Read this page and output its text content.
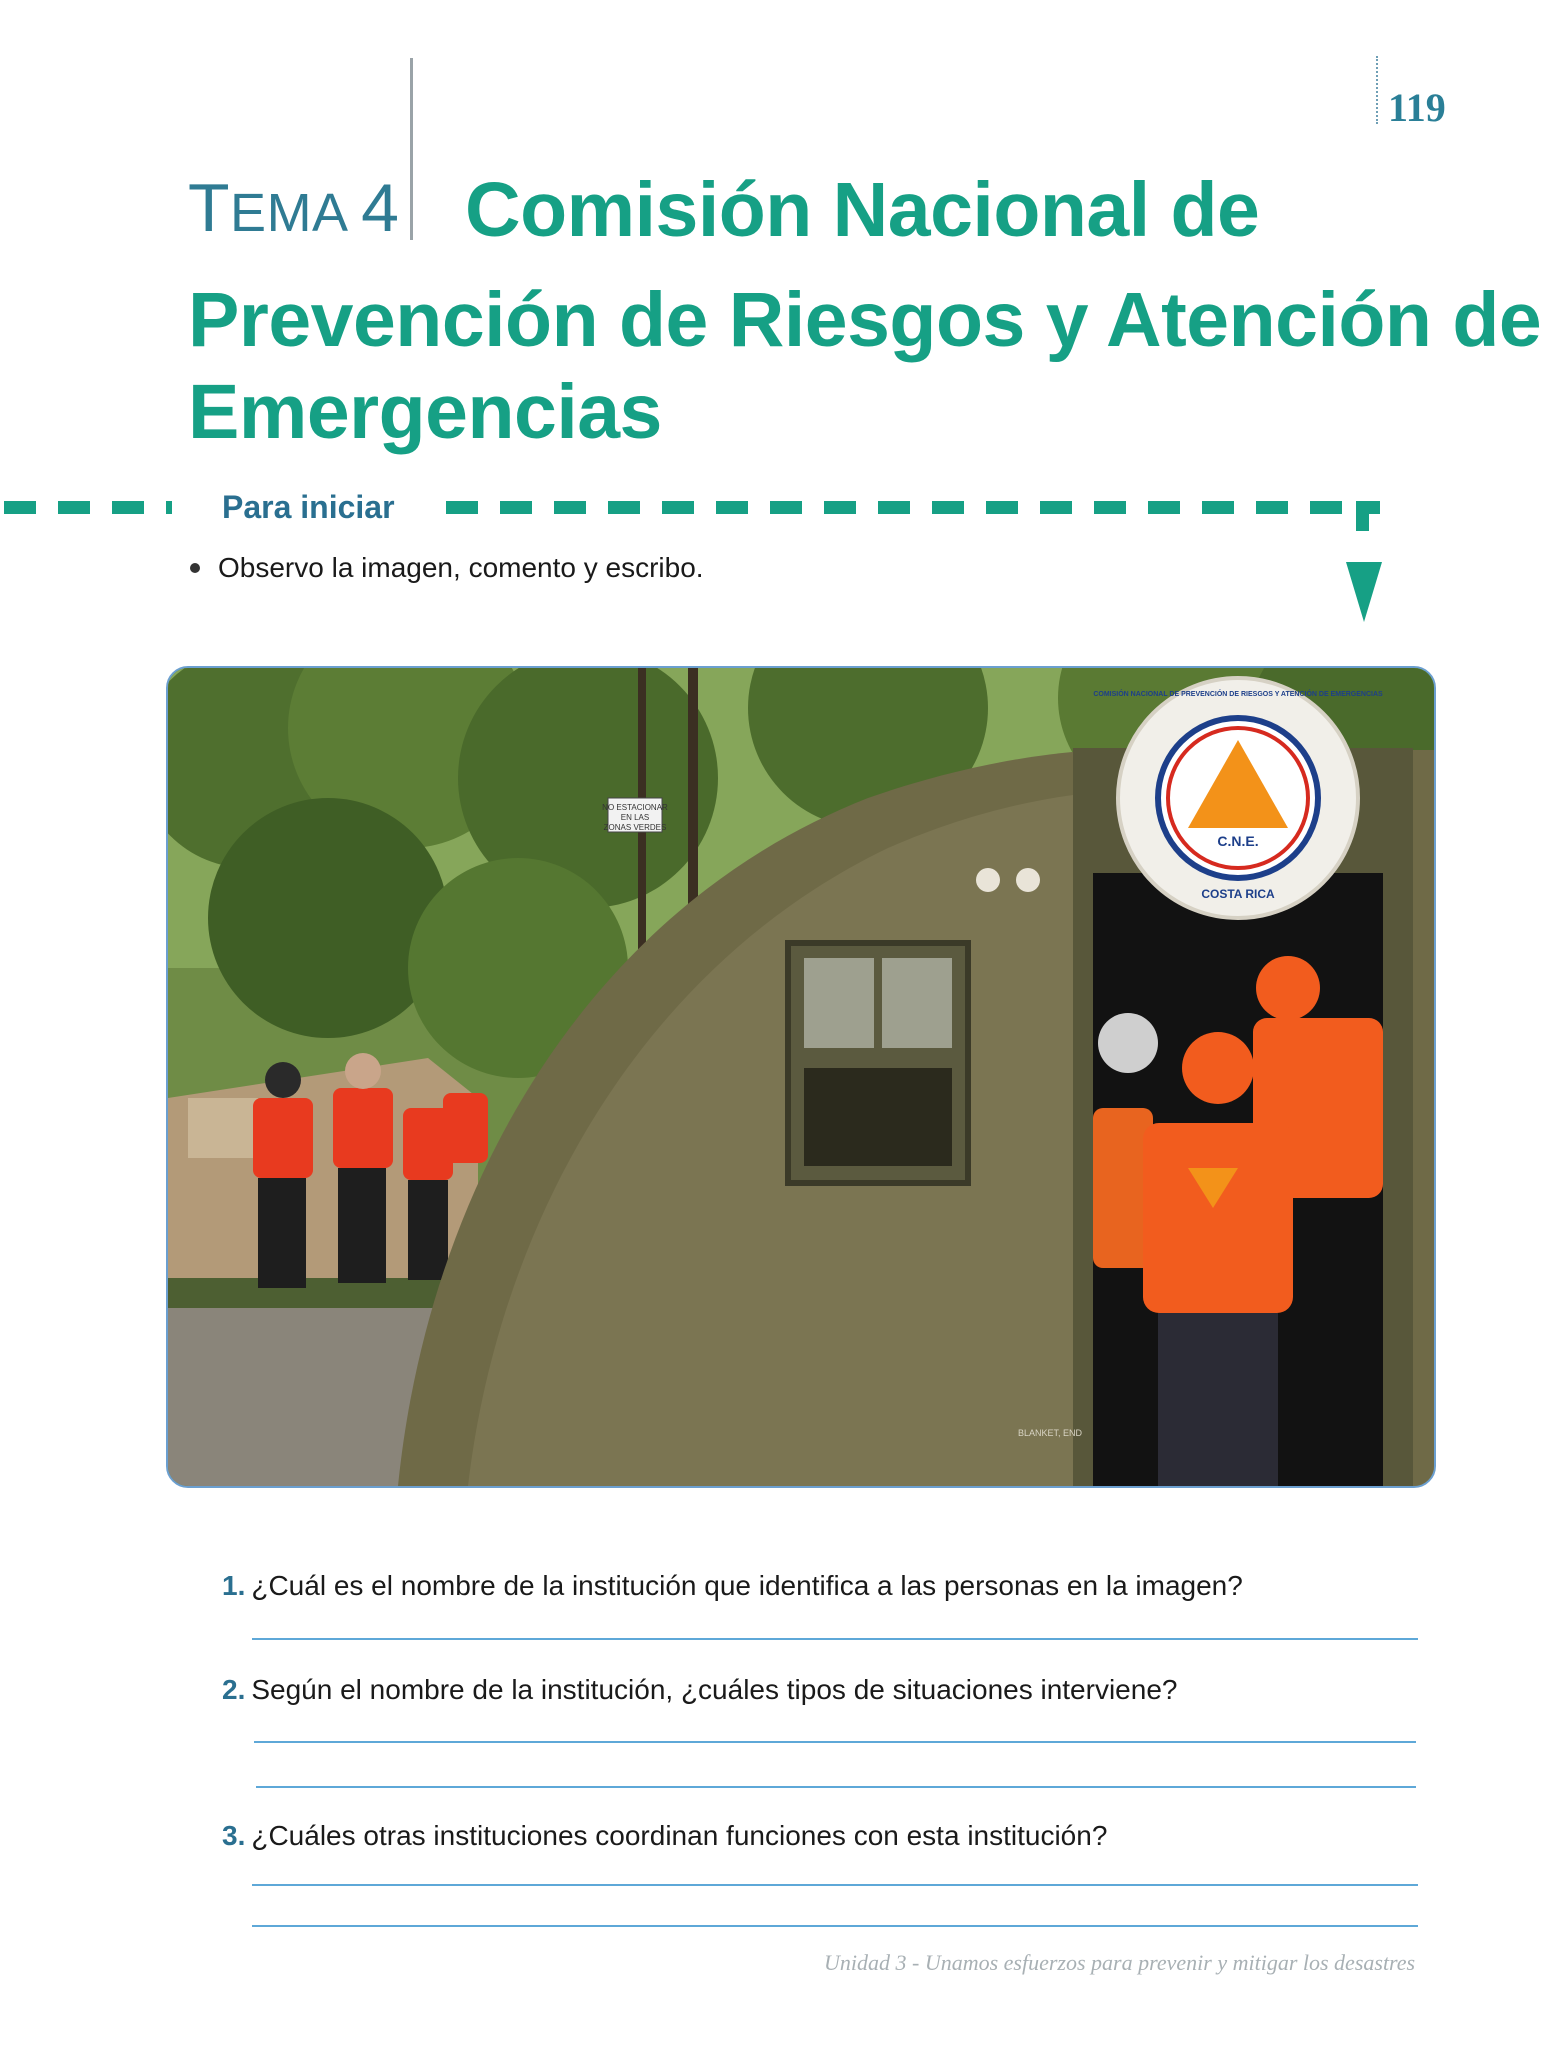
119
TEMA 4 Comisión Nacional de
Prevención de Riesgos y Atención de
Emergencias
Para iniciar
Observo la imagen, comento y escribo.
NO ESTACIONAR
EN LAS
ZONAS VERDES
C.N.E.
COSTA RICA
COMISIÓN NACIONAL DE PREVENCIÓN DE RIESGOS Y ATENCIÓN DE EMERGENCIAS
BLANKET, END
1. ¿Cuál es el nombre de la institución que identifica a las personas en la imagen?
2. Según el nombre de la institución, ¿cuáles tipos de situaciones interviene?
3. ¿Cuáles otras instituciones coordinan funciones con esta institución?
Unidad 3 - Unamos esfuerzos para prevenir y mitigar los desastres
